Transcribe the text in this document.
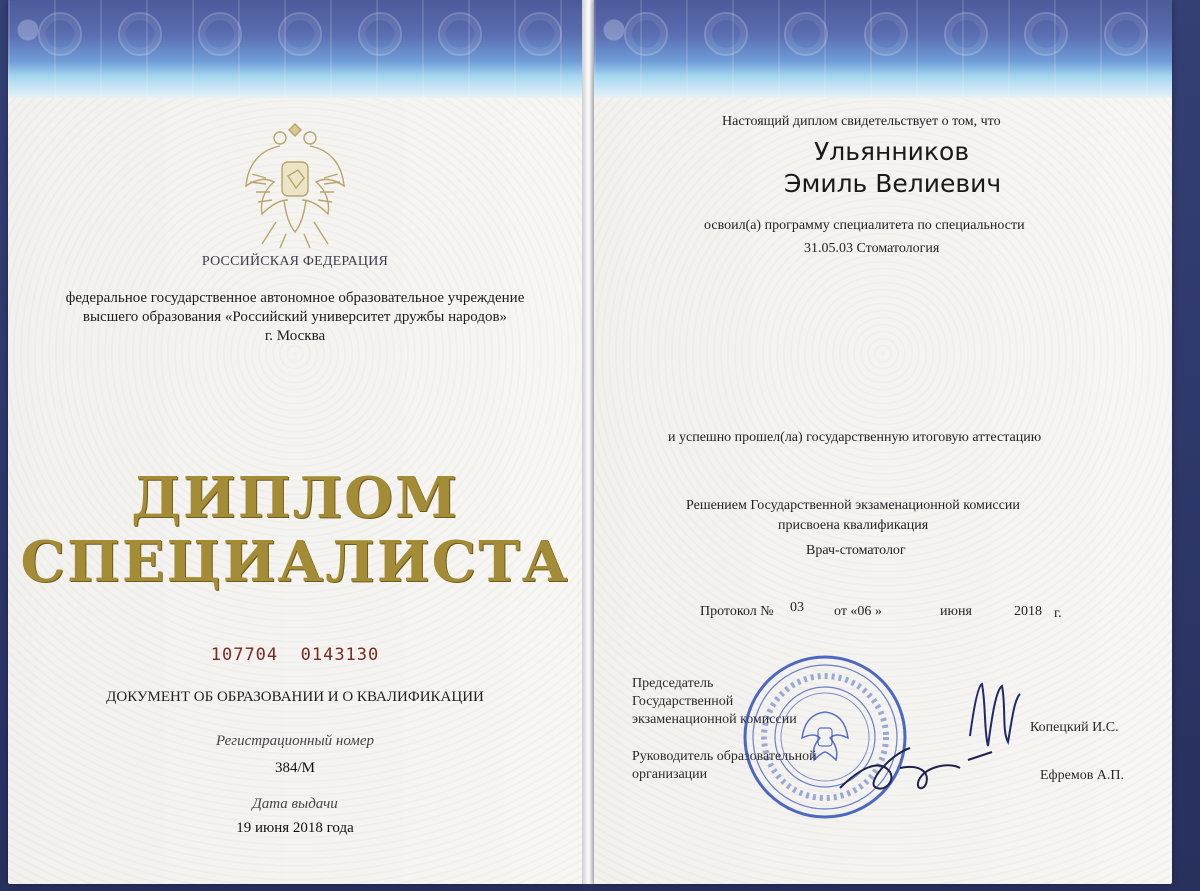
РОССИЙСКАЯ ФЕДЕРАЦИЯ
федеральное государственное автономное образовательное учреждение
высшего образования «Российский университет дружбы народов»
г. Москва
ДИПЛОМ
СПЕЦИАЛИСТА
107704  0143130
ДОКУМЕНТ ОБ ОБРАЗОВАНИИ И О КВАЛИФИКАЦИИ
Регистрационный номер
384/М
Дата выдачи
19 июня 2018 года
Настоящий диплом свидетельствует о том, что
Ульянников
Эмиль Велиевич
освоил(а) программу специалитета по специальности
31.05.03 Стоматология
и успешно прошел(ла) государственную итоговую аттестацию
Решением Государственной экзаменационной комиссии
присвоена квалификация
Врач-стоматолог
Протокол № 03 от «06 »	июня	2018 г.
Председатель
Государственной
экзаменационной комиссии
Копецкий И.С.
Руководитель образовательной
организации	Ефремов А.П.
